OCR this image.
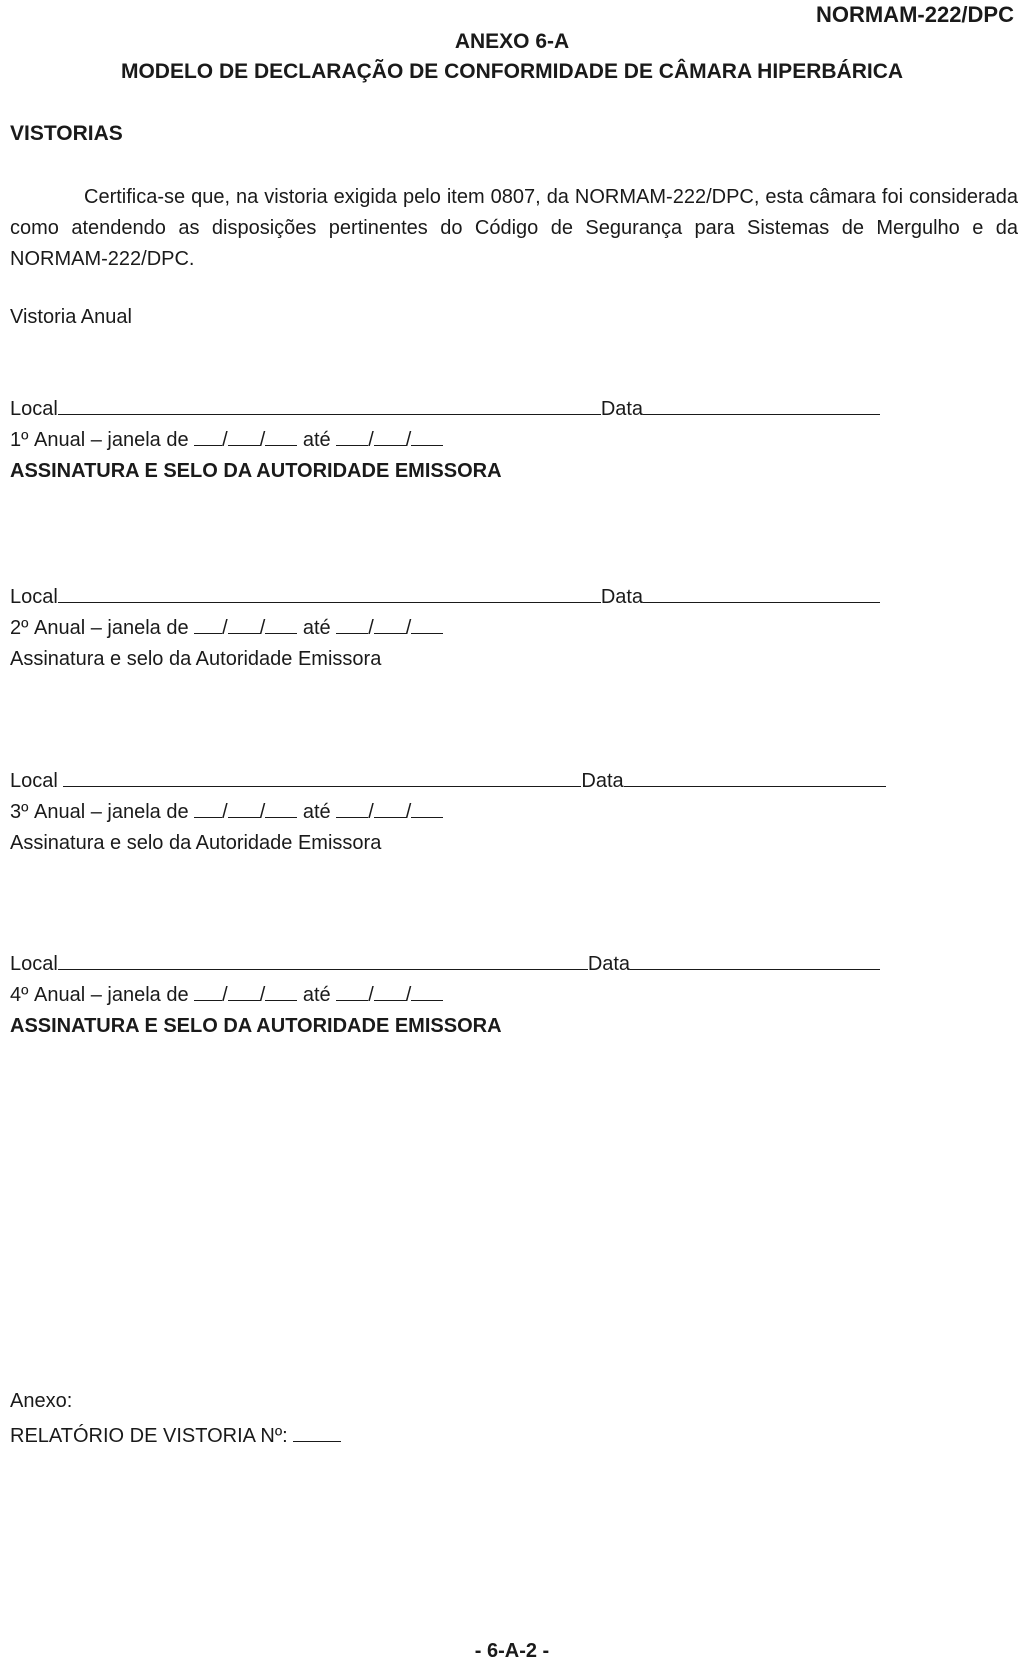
NORMAM-222/DPC
ANEXO 6-A
MODELO DE DECLARAÇÃO DE CONFORMIDADE DE CÂMARA HIPERBÁRICA
VISTORIAS

Certifica-se que, na vistoria exigida pelo item 0807, da NORMAM-222/DPC, esta câmara foi considerada como atendendo as disposições pertinentes do Código de Segurança para Sistemas de Mergulho e da NORMAM-222/DPC.

Vistoria Anual
Local	Data
1º
Anual – janela de
/ /
até
/ /
ASSINATURA E SELO DA AUTORIDADE EMISSORA
Local	Data
2º
Anual – janela de
/ /
até
/ /
Assinatura e selo da Autoridade Emissora
Local
	Data
3º
Anual – janela de
/ /
até
/ /
Assinatura e selo da Autoridade Emissora
Local	Data
4º
Anual – janela de
/ /
até
/ /
ASSINATURA E SELO DA AUTORIDADE EMISSORA
Anexo:
RELATÓRIO DE VISTORIA Nº:

- 6-A-2 -
